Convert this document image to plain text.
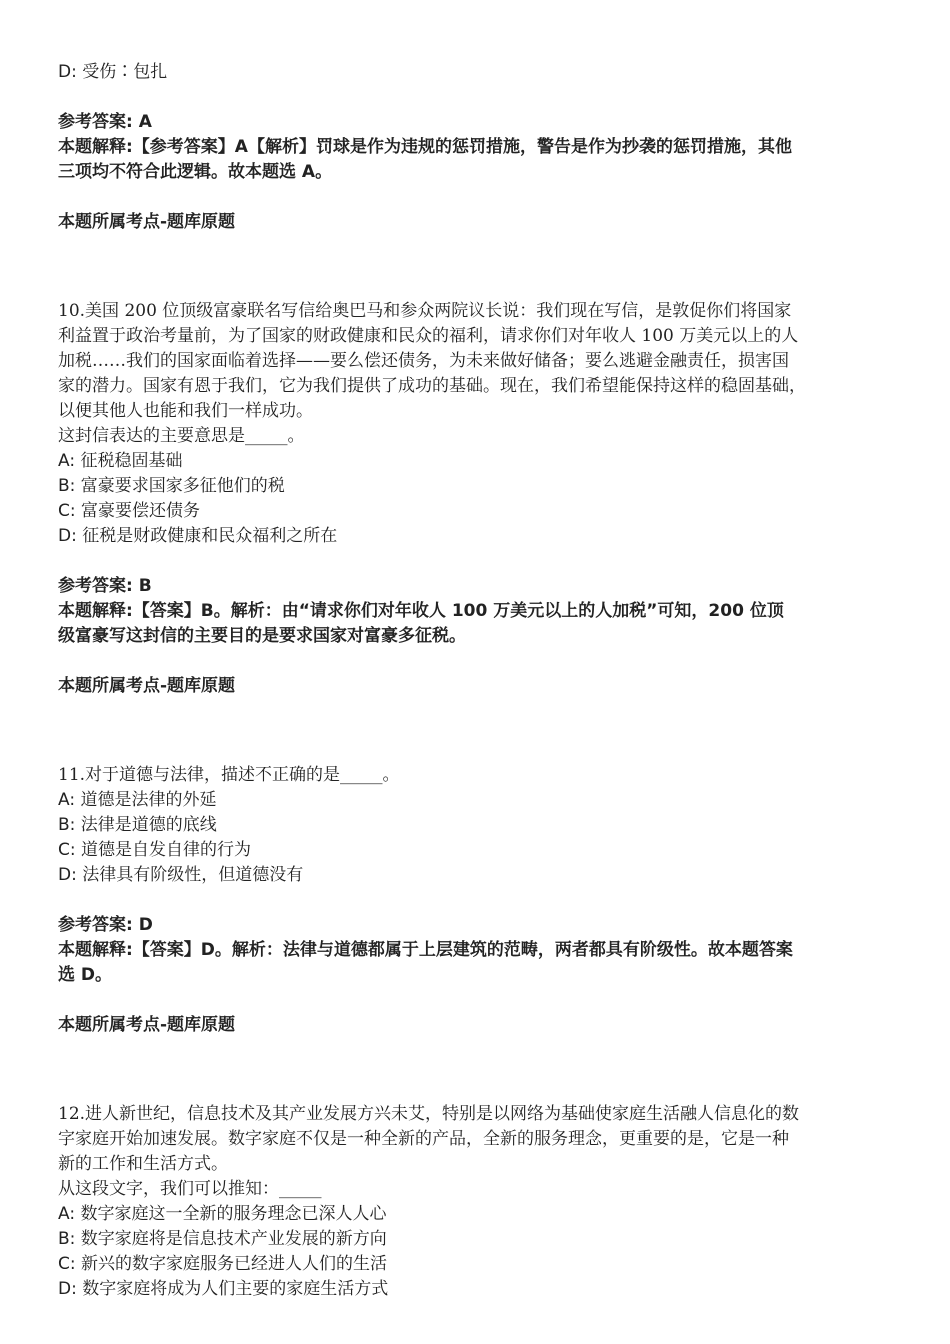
D: 受伤∶包扎
参考答案: A
本题解释:【参考答案】A【解析】罚球是作为违规的惩罚措施，警告是作为抄袭的惩罚措施，其他
三项均不符合此逻辑。故本题选 A。
本题所属考点-题库原题
10.美国 200 位顶级富豪联名写信给奥巴马和参众两院议长说：我们现在写信，是敦促你们将国家
利益置于政治考量前，为了国家的财政健康和民众的福利，请求你们对年收人 100 万美元以上的人
加税……我们的国家面临着选择——要么偿还债务，为未来做好储备；要么逃避金融责任，损害国
家的潜力。国家有恩于我们，它为我们提供了成功的基础。现在，我们希望能保持这样的稳固基础，
以便其他人也能和我们一样成功。
这封信表达的主要意思是_____。
A: 征税稳固基础
B: 富豪要求国家多征他们的税
C: 富豪要偿还债务
D: 征税是财政健康和民众福利之所在
参考答案: B
本题解释:【答案】B。解析：由“请求你们对年收人 100 万美元以上的人加税”可知，200 位顶
级富豪写这封信的主要目的是要求国家对富豪多征税。
本题所属考点-题库原题
11.对于道德与法律，描述不正确的是_____。
A: 道德是法律的外延
B: 法律是道德的底线
C: 道德是自发自律的行为
D: 法律具有阶级性，但道德没有
参考答案: D
本题解释:【答案】D。解析：法律与道德都属于上层建筑的范畴，两者都具有阶级性。故本题答案
选 D。
本题所属考点-题库原题
12.进人新世纪，信息技术及其产业发展方兴未艾，特别是以网络为基础使家庭生活融人信息化的数
字家庭开始加速发展。数字家庭不仅是一种全新的产品，全新的服务理念，更重要的是，它是一种
新的工作和生活方式。
从这段文字，我们可以推知：_____
A: 数字家庭这一全新的服务理念已深人人心
B: 数字家庭将是信息技术产业发展的新方向
C: 新兴的数字家庭服务已经进人人们的生活
D: 数字家庭将成为人们主要的家庭生活方式
